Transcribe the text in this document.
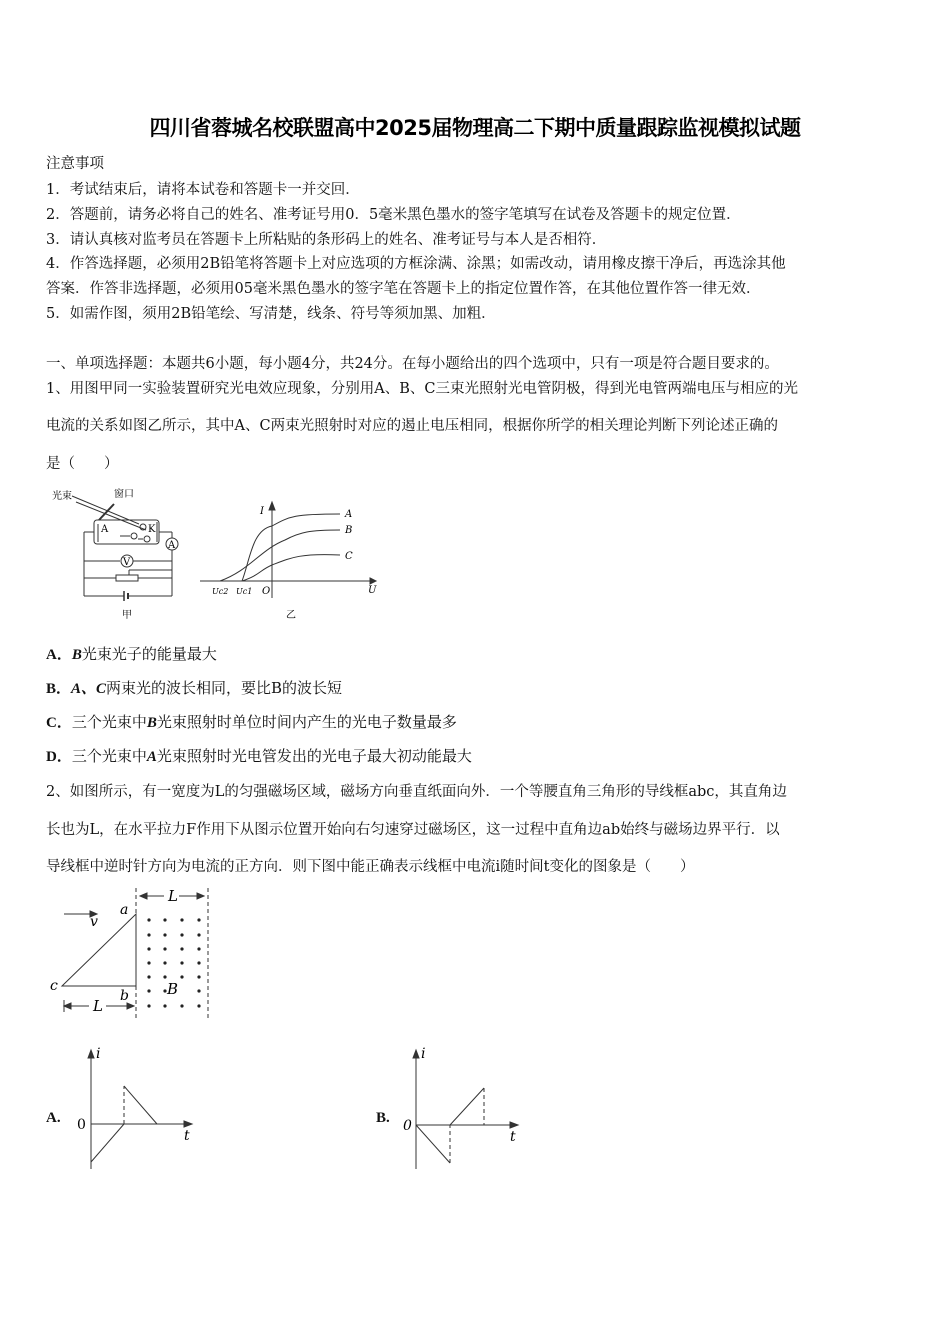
四川省蓉城名校联盟高中2025届物理高二下期中质量跟踪监视模拟试题
注意事项
1．考试结束后，请将本试卷和答题卡一并交回．
2．答题前，请务必将自己的姓名、准考证号用0．5毫米黑色墨水的签字笔填写在试卷及答题卡的规定位置．
3．请认真核对监考员在答题卡上所粘贴的条形码上的姓名、准考证号与本人是否相符．
4．作答选择题，必须用2B铅笔将答题卡上对应选项的方框涂满、涂黑；如需改动，请用橡皮擦干净后，再选涂其他
答案．作答非选择题，必须用05毫米黑色墨水的签字笔在答题卡上的指定位置作答，在其他位置作答一律无效．
5．如需作图，须用2B铅笔绘、写清楚，线条、符号等须加黑、加粗．
一、单项选择题：本题共6小题，每小题4分，共24分。在每小题给出的四个选项中，只有一项是符合题目要求的。
1、用图甲同一实验装置研究光电效应现象，分别用A、B、C三束光照射光电管阴极，得到光电管两端电压与相应的光
电流的关系如图乙所示，其中A、C两束光照射时对应的遏止电压相同，根据你所学的相关理论判断下列论述正确的
是（　　）
光束	窗口
A	K
V
A
甲
A
B
C
I
U
O
Uc2 Uc1
乙
A．B光束光子的能量最大
B．A、C两束光的波长相同，要比B的波长短
C．三个光束中B光束照射时单位时间内产生的光电子数量最多
D．三个光束中A光束照射时光电管发出的光电子最大初动能最大
2、如图所示，有一宽度为L的匀强磁场区域，磁场方向垂直纸面向外．一个等腰直角三角形的导线框abc，其直角边
长也为L，在水平拉力F作用下从图示位置开始向右匀速穿过磁场区，这一过程中直角边ab始终与磁场边界平行．以
导线框中逆时针方向为电流的正方向．则下图中能正确表示线框中电流i随时间t变化的图象是（　　）
v
a
b
c
L
L
B
A.
i
t
0	B.
i
t
0
